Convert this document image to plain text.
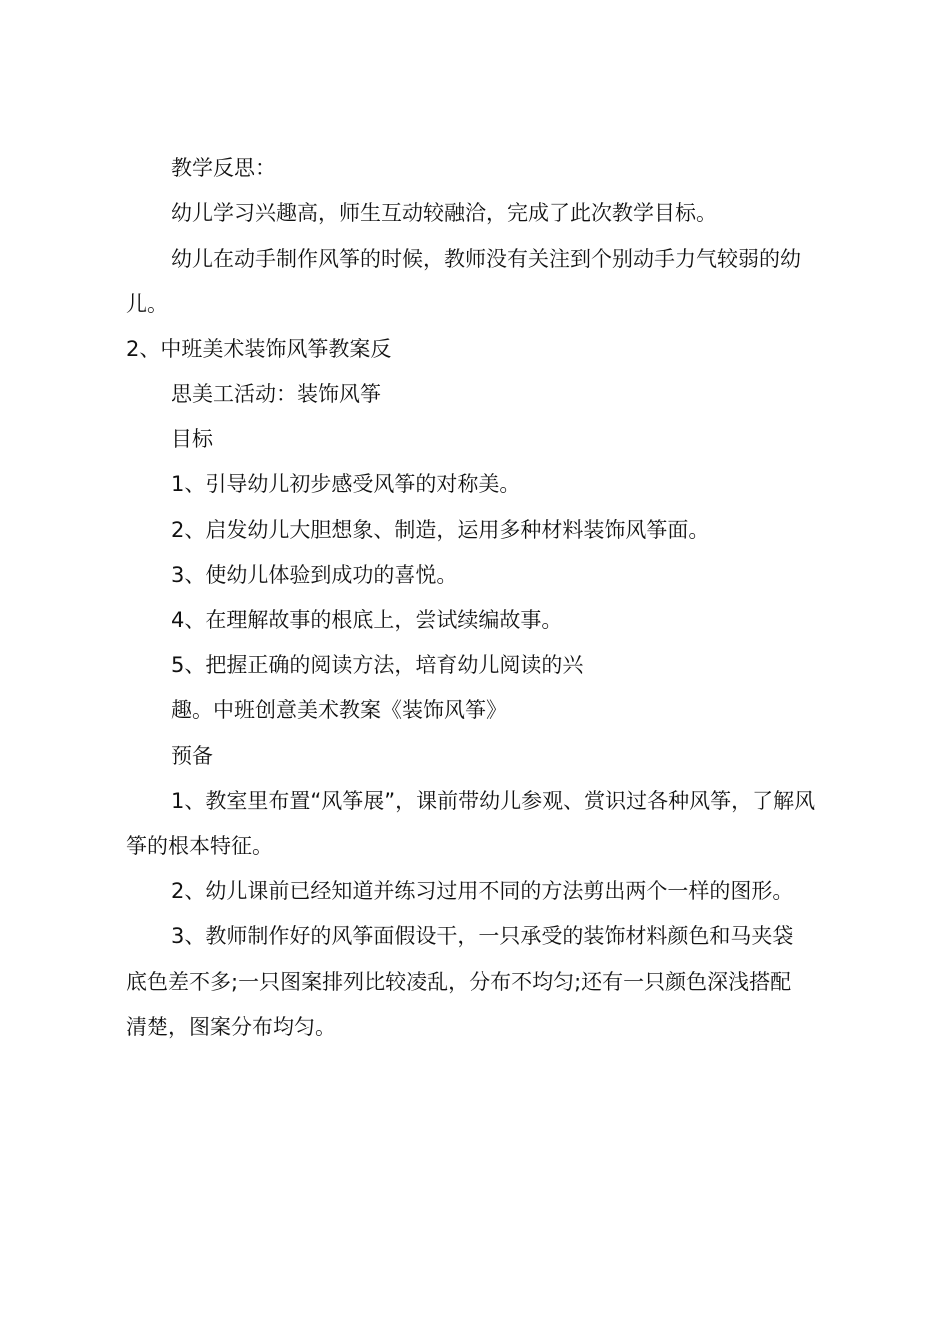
教学反思：
幼儿学习兴趣高，师生互动较融洽，完成了此次教学目标。
幼儿在动手制作风筝的时候，教师没有关注到个别动手力气较弱的幼
儿。
2、中班美术装饰风筝教案反
思美工活动：装饰风筝
目标
1、引导幼儿初步感受风筝的对称美。
2、启发幼儿大胆想象、制造，运用多种材料装饰风筝面。
3、使幼儿体验到成功的喜悦。
4、在理解故事的根底上，尝试续编故事。
5、把握正确的阅读方法，培育幼儿阅读的兴
趣。中班创意美术教案《装饰风筝》
预备
1、教室里布置“风筝展”，课前带幼儿参观、赏识过各种风筝，了解风
筝的根本特征。
2、幼儿课前已经知道并练习过用不同的方法剪出两个一样的图形。
3、教师制作好的风筝面假设干，一只承受的装饰材料颜色和马夹袋
底色差不多;一只图案排列比较凌乱，分布不均匀;还有一只颜色深浅搭配
清楚，图案分布均匀。
